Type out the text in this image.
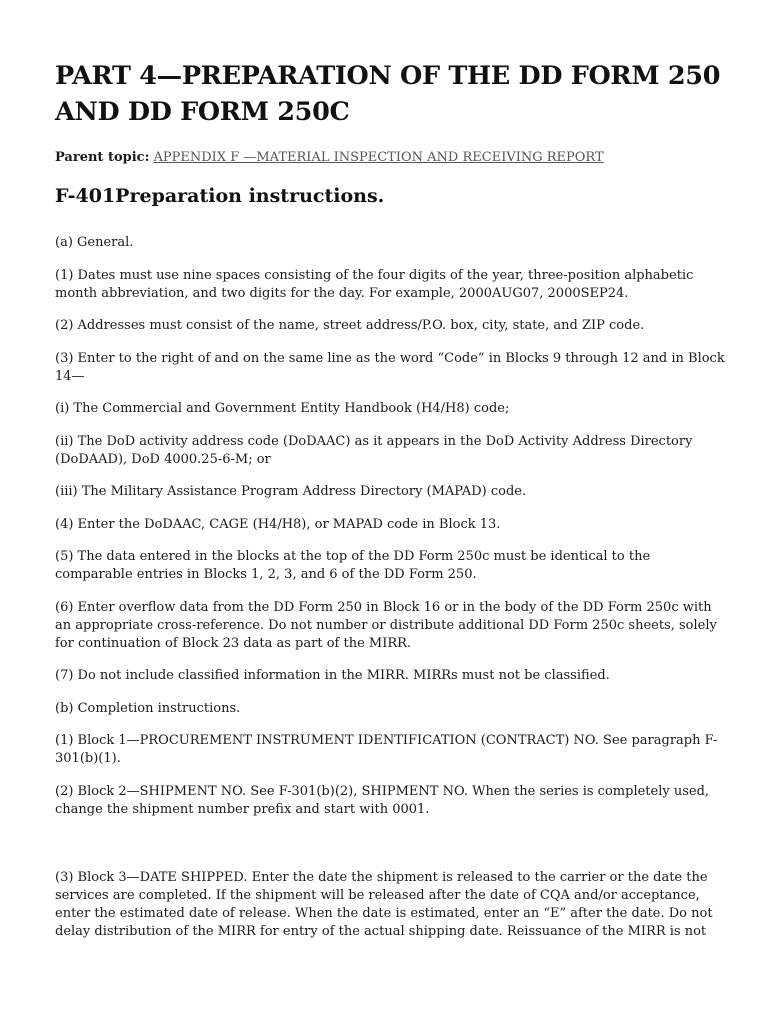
PART 4—PREPARATION OF THE DD FORM 250 AND DD FORM 250C
Parent topic: APPENDIX F —MATERIAL INSPECTION AND RECEIVING REPORT
F-401Preparation instructions.

(a) General.

(1) Dates must use nine spaces consisting of the four digits of the year, three-position alphabetic month abbreviation, and two digits for the day. For example, 2000AUG07, 2000SEP24.

(2) Addresses must consist of the name, street address/P.O. box, city, state, and ZIP code.

(3) Enter to the right of and on the same line as the word “Code” in Blocks 9 through 12 and in Block 14—

(i) The Commercial and Government Entity Handbook (H4/H8) code;

(ii) The DoD activity address code (DoDAAC) as it appears in the DoD Activity Address Directory (DoDAAD), DoD 4000.25-6-M; or

(iii) The Military Assistance Program Address Directory (MAPAD) code.

(4) Enter the DoDAAC, CAGE (H4/H8), or MAPAD code in Block 13.

(5) The data entered in the blocks at the top of the DD Form 250c must be identical to the comparable entries in Blocks 1, 2, 3, and 6 of the DD Form 250.

(6) Enter overflow data from the DD Form 250 in Block 16 or in the body of the DD Form 250c with an appropriate cross-reference. Do not number or distribute additional DD Form 250c sheets, solely for continuation of Block 23 data as part of the MIRR.

(7) Do not include classified information in the MIRR. MIRRs must not be classified.

(b) Completion instructions.

(1) Block 1—PROCUREMENT INSTRUMENT IDENTIFICATION (CONTRACT) NO. See paragraph F-301(b)(1).

(2) Block 2—SHIPMENT NO. See F-301(b)(2), SHIPMENT NO. When the series is completely used, change the shipment number prefix and start with 0001.

(3) Block 3—DATE SHIPPED. Enter the date the shipment is released to the carrier or the date the services are completed. If the shipment will be released after the date of CQA and/or acceptance, enter the estimated date of release. When the date is estimated, enter an “E” after the date. Do not delay distribution of the MIRR for entry of the actual shipping date. Reissuance of the MIRR is not
